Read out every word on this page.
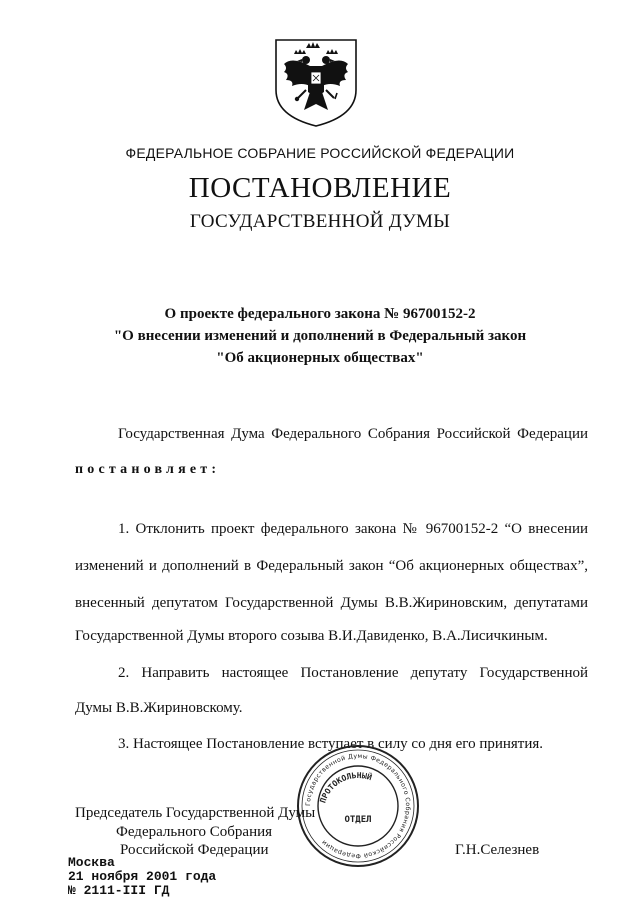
ФЕДЕРАЛЬНОЕ СОБРАНИЕ РОССИЙСКОЙ ФЕДЕРАЦИИ
ПОСТАНОВЛЕНИЕ
ГОСУДАРСТВЕННОЙ ДУМЫ
О проекте федерального закона № 96700152-2
"О внесении изменений и дополнений в Федеральный закон
"Об акционерных обществах"
Государственная Дума Федерального Собрания Российской Федерации
постановляет:
1. Отклонить проект федерального закона № 96700152-2 “О внесении
изменений и дополнений в Федеральный закон “Об акционерных обществах”,
внесенный депутатом Государственной Думы В.В.Жириновским, депутатами
Государственной Думы второго созыва В.И.Давиденко, В.А.Лисичкиным.
2. Направить настоящее Постановление депутату Государственной
Думы В.В.Жириновскому.
3. Настоящее Постановление вступает в силу со дня его принятия.
Государственной Думы Федерального Собрания Российской Федерации
ПРОТОКОЛЬНЫЙ
ОТДЕЛ
Председатель Государственной Думы
Федерального Собрания
Российской Федерации	Г.Н.Селезнев
Москва
21 ноября 2001 года
№ 2111-III ГД
